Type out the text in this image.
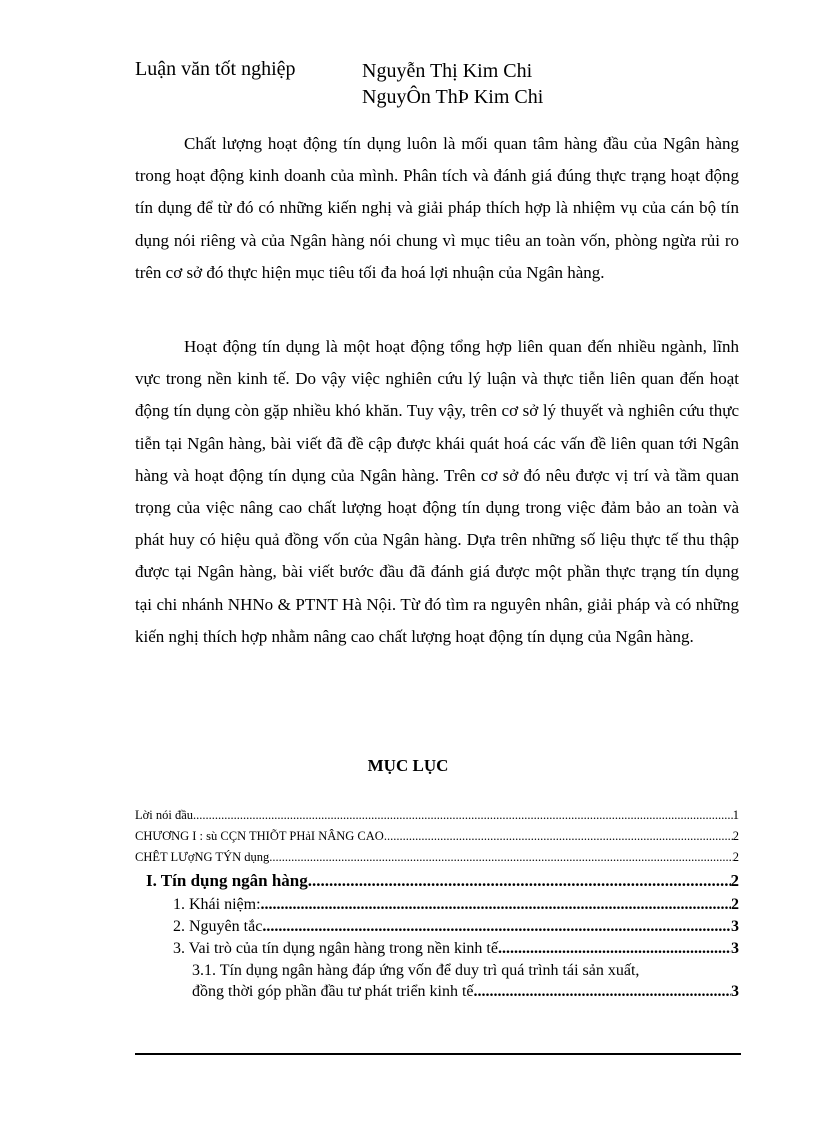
Luận văn tốt nghiệp	Nguyễn Thị Kim Chi
NguyÔn ThÞ Kim Chi

Chất lượng hoạt động tín dụng luôn là mối quan tâm hàng đầu của Ngân hàng trong hoạt động kinh doanh của mình. Phân tích và đánh giá đúng thực trạng hoạt động tín dụng để từ đó có những kiến nghị và giải pháp thích hợp là nhiệm vụ của cán bộ tín dụng nói riêng và của Ngân hàng nói chung vì mục tiêu an toàn vốn, phòng ngừa rủi ro trên cơ sở đó thực hiện mục tiêu tối đa hoá lợi nhuận của Ngân hàng.

Hoạt động tín dụng là một hoạt động tổng hợp liên quan đến nhiều ngành, lĩnh vực trong nền kinh tế. Do vậy việc nghiên cứu lý luận và thực tiễn liên quan đến hoạt động tín dụng còn gặp nhiều khó khăn. Tuy vậy, trên cơ sở lý thuyết và nghiên cứu thực tiễn tại Ngân hàng, bài viết đã đề cập được khái quát hoá các vấn đề liên quan tới Ngân hàng và hoạt động tín dụng của Ngân hàng. Trên cơ sở đó nêu được vị trí và tầm quan trọng của việc nâng cao chất lượng hoạt động tín dụng trong việc đảm bảo an toàn và phát huy có hiệu quả đồng vốn của Ngân hàng. Dựa trên những số liệu thực tế thu thập được tại Ngân hàng, bài viết bước đầu đã đánh giá được một phần thực trạng tín dụng tại chi nhánh NHNo & PTNT Hà Nội. Từ đó tìm ra nguyên nhân, giải pháp và có những kiến nghị thích hợp nhằm nâng cao chất lượng hoạt động tín dụng của Ngân hàng.

MỤC LỤC
Lời nói đầu .....	1
CHƯƠNG I : sù CÇN THIÕT PHảI NÂNG CAO .....	2
CHÊT LƯợNG TÝN dụng .....	2
I. Tín dụng ngân hàng .....	2
1. Khái niệm: .....	2
2. Nguyên tắc .....	3
3. Vai trò của tín dụng ngân hàng trong nền kinh tế .....	3
3.1. Tín dụng ngân hàng đáp ứng vốn để duy trì quá trình tái sản xuất,
đồng thời góp phần đầu tư phát triển kinh tế .....	3
